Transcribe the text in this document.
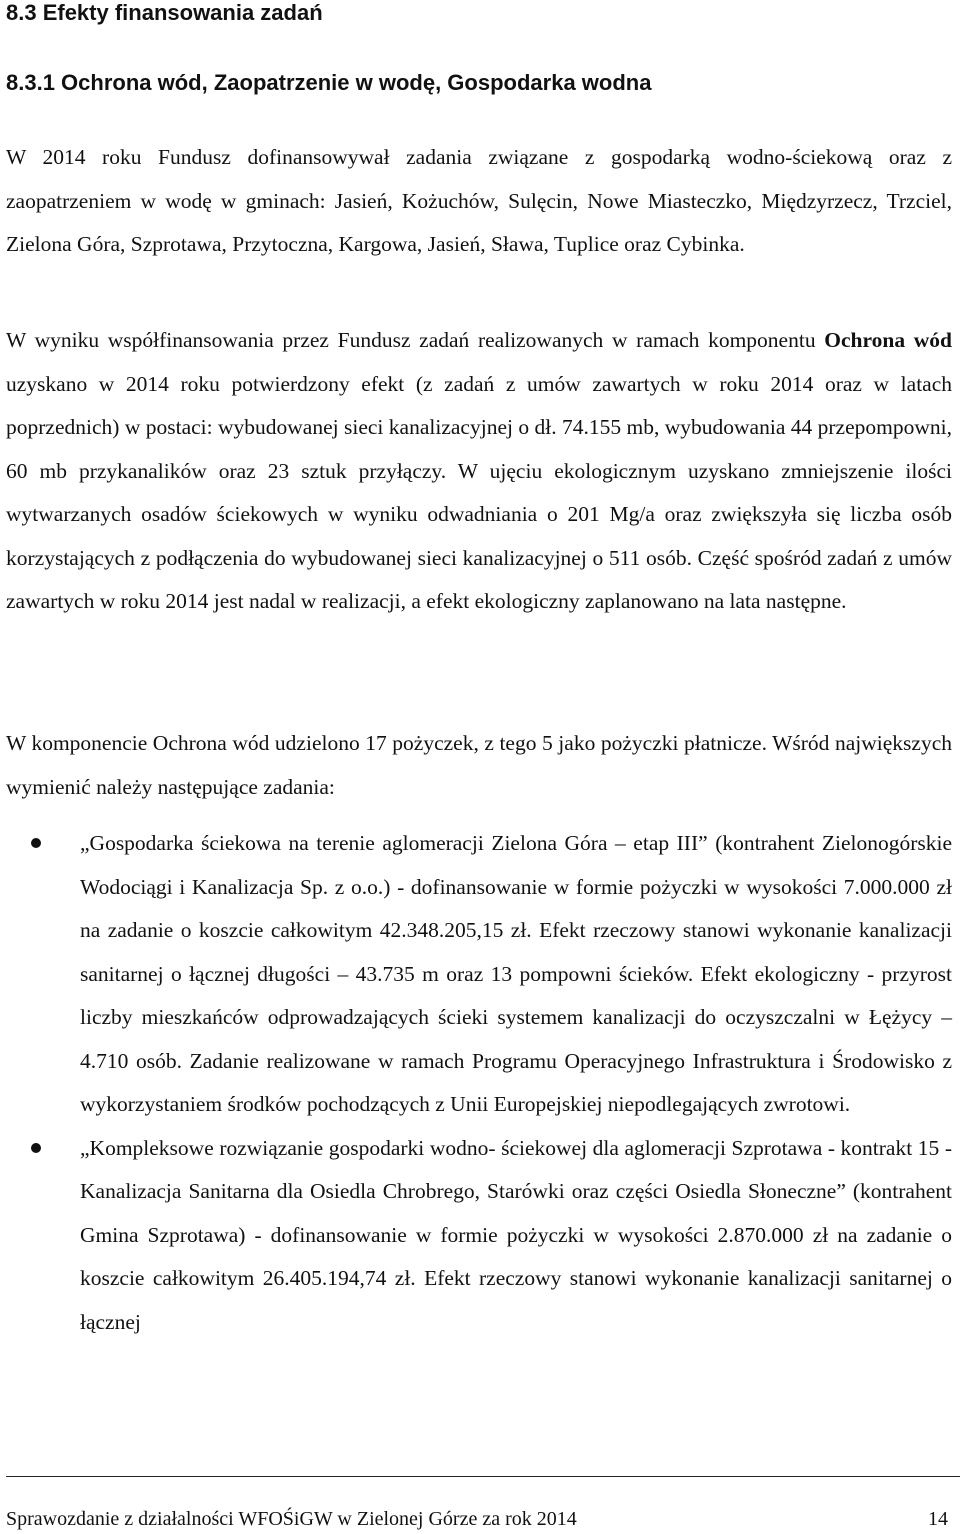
8.3 Efekty finansowania zadań
8.3.1 Ochrona wód, Zaopatrzenie w wodę, Gospodarka wodna

W 2014 roku Fundusz dofinansowywał zadania związane z gospodarką wodno-ściekową oraz z zaopatrzeniem w wodę w gminach: Jasień, Kożuchów, Sulęcin, Nowe Miasteczko, Międzyrzecz, Trzciel, Zielona Góra, Szprotawa, Przytoczna, Kargowa, Jasień, Sława, Tuplice oraz Cybinka.

W wyniku współfinansowania przez Fundusz zadań realizowanych w ramach komponentu Ochrona wód uzyskano w 2014 roku potwierdzony efekt (z zadań z umów zawartych w roku 2014 oraz w latach poprzednich) w postaci: wybudowanej sieci kanalizacyjnej o dł. 74.155 mb, wybudowania 44 przepompowni, 60 mb przykanalików oraz 23 sztuk przyłączy. W ujęciu ekologicznym uzyskano zmniejszenie ilości wytwarzanych osadów ściekowych w wyniku odwadniania o 201 Mg/a oraz zwiększyła się liczba osób korzystających z podłączenia do wybudowanej sieci kanalizacyjnej o 511 osób. Część spośród zadań z umów zawartych w roku 2014 jest nadal w realizacji, a efekt ekologiczny zaplanowano na lata następne.

W komponencie Ochrona wód udzielono 17 pożyczek, z tego 5 jako pożyczki płatnicze. Wśród największych wymienić należy następujące zadania:

„Gospodarka ściekowa na terenie aglomeracji Zielona Góra – etap III” (kontrahent Zielonogórskie Wodociągi i Kanalizacja Sp. z o.o.) - dofinansowanie w formie pożyczki w wysokości 7.000.000 zł na zadanie o koszcie całkowitym 42.348.205,15 zł. Efekt rzeczowy stanowi wykonanie kanalizacji sanitarnej o łącznej długości – 43.735 m oraz 13 pompowni ścieków. Efekt ekologiczny - przyrost liczby mieszkańców odprowadzających ścieki systemem kanalizacji do oczyszczalni w Łężycy – 4.710 osób. Zadanie realizowane w ramach Programu Operacyjnego Infrastruktura i Środowisko z wykorzystaniem środków pochodzących z Unii Europejskiej niepodlegających zwrotowi.
„Kompleksowe rozwiązanie gospodarki wodno- ściekowej dla aglomeracji Szprotawa - kontrakt 15 - Kanalizacja Sanitarna dla Osiedla Chrobrego, Starówki oraz części Osiedla Słoneczne” (kontrahent Gmina Szprotawa) - dofinansowanie w formie pożyczki w wysokości 2.870.000 zł na zadanie o koszcie całkowitym 26.405.194,74 zł. Efekt rzeczowy stanowi wykonanie kanalizacji sanitarnej o łącznej
Sprawozdanie z działalności WFOŚiGW w Zielonej Górze za rok 2014	14
